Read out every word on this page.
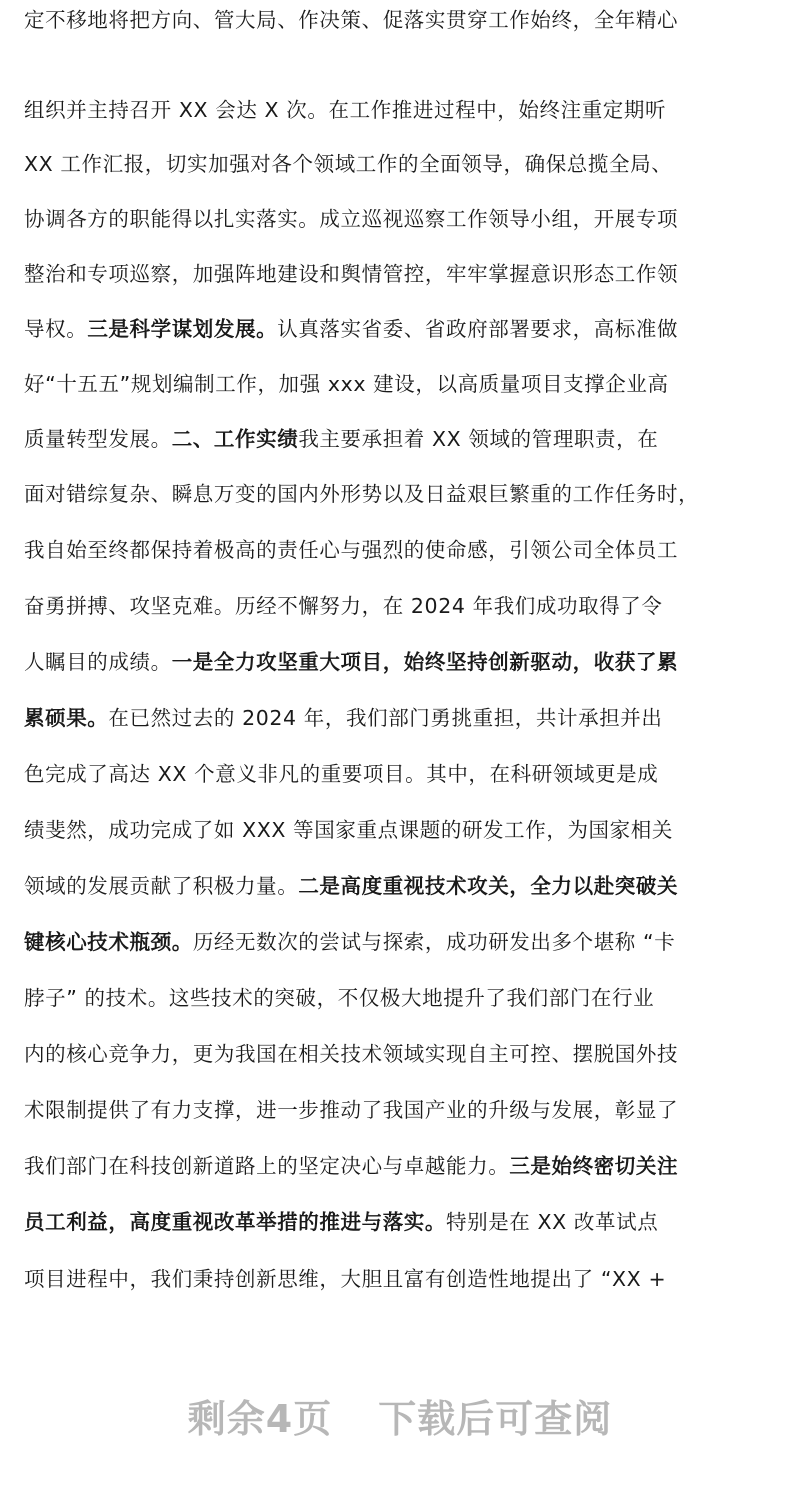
定不移地将把方向、管大局、作决策、促落实贯穿工作始终，全年精心
组织并主持召开 XX 会达 X 次。在工作推进过程中，始终注重定期听
XX 工作汇报，切实加强对各个领域工作的全面领导，确保总揽全局、
协调各方的职能得以扎实落实。成立巡视巡察工作领导小组，开展专项
整治和专项巡察，加强阵地建设和舆情管控，牢牢掌握意识形态工作领
导权。三是科学谋划发展。认真落实省委、省政府部署要求，高标准做
好“十五五”规划编制工作，加强 xxx 建设，以高质量项目支撑企业高
质量转型发展。二、工作实绩我主要承担着 XX 领域的管理职责，在
面对错综复杂、瞬息万变的国内外形势以及日益艰巨繁重的工作任务时，
我自始至终都保持着极高的责任心与强烈的使命感，引领公司全体员工
奋勇拼搏、攻坚克难。历经不懈努力，在 2024 年我们成功取得了令
人瞩目的成绩。一是全力攻坚重大项目，始终坚持创新驱动，收获了累
累硕果。在已然过去的 2024 年，我们部门勇挑重担，共计承担并出
色完成了高达 XX 个意义非凡的重要项目。其中，在科研领域更是成
绩斐然，成功完成了如 XXX 等国家重点课题的研发工作，为国家相关
领域的发展贡献了积极力量。二是高度重视技术攻关，全力以赴突破关
键核心技术瓶颈。历经无数次的尝试与探索，成功研发出多个堪称 “卡
脖子” 的技术。这些技术的突破，不仅极大地提升了我们部门在行业
内的核心竞争力，更为我国在相关技术领域实现自主可控、摆脱国外技
术限制提供了有力支撑，进一步推动了我国产业的升级与发展，彰显了
我们部门在科技创新道路上的坚定决心与卓越能力。三是始终密切关注
员工利益，高度重视改革举措的推进与落实。特别是在 XX 改革试点
项目进程中，我们秉持创新思维，大胆且富有创造性地提出了 “XX +
剩余4页 下载后可查阅
